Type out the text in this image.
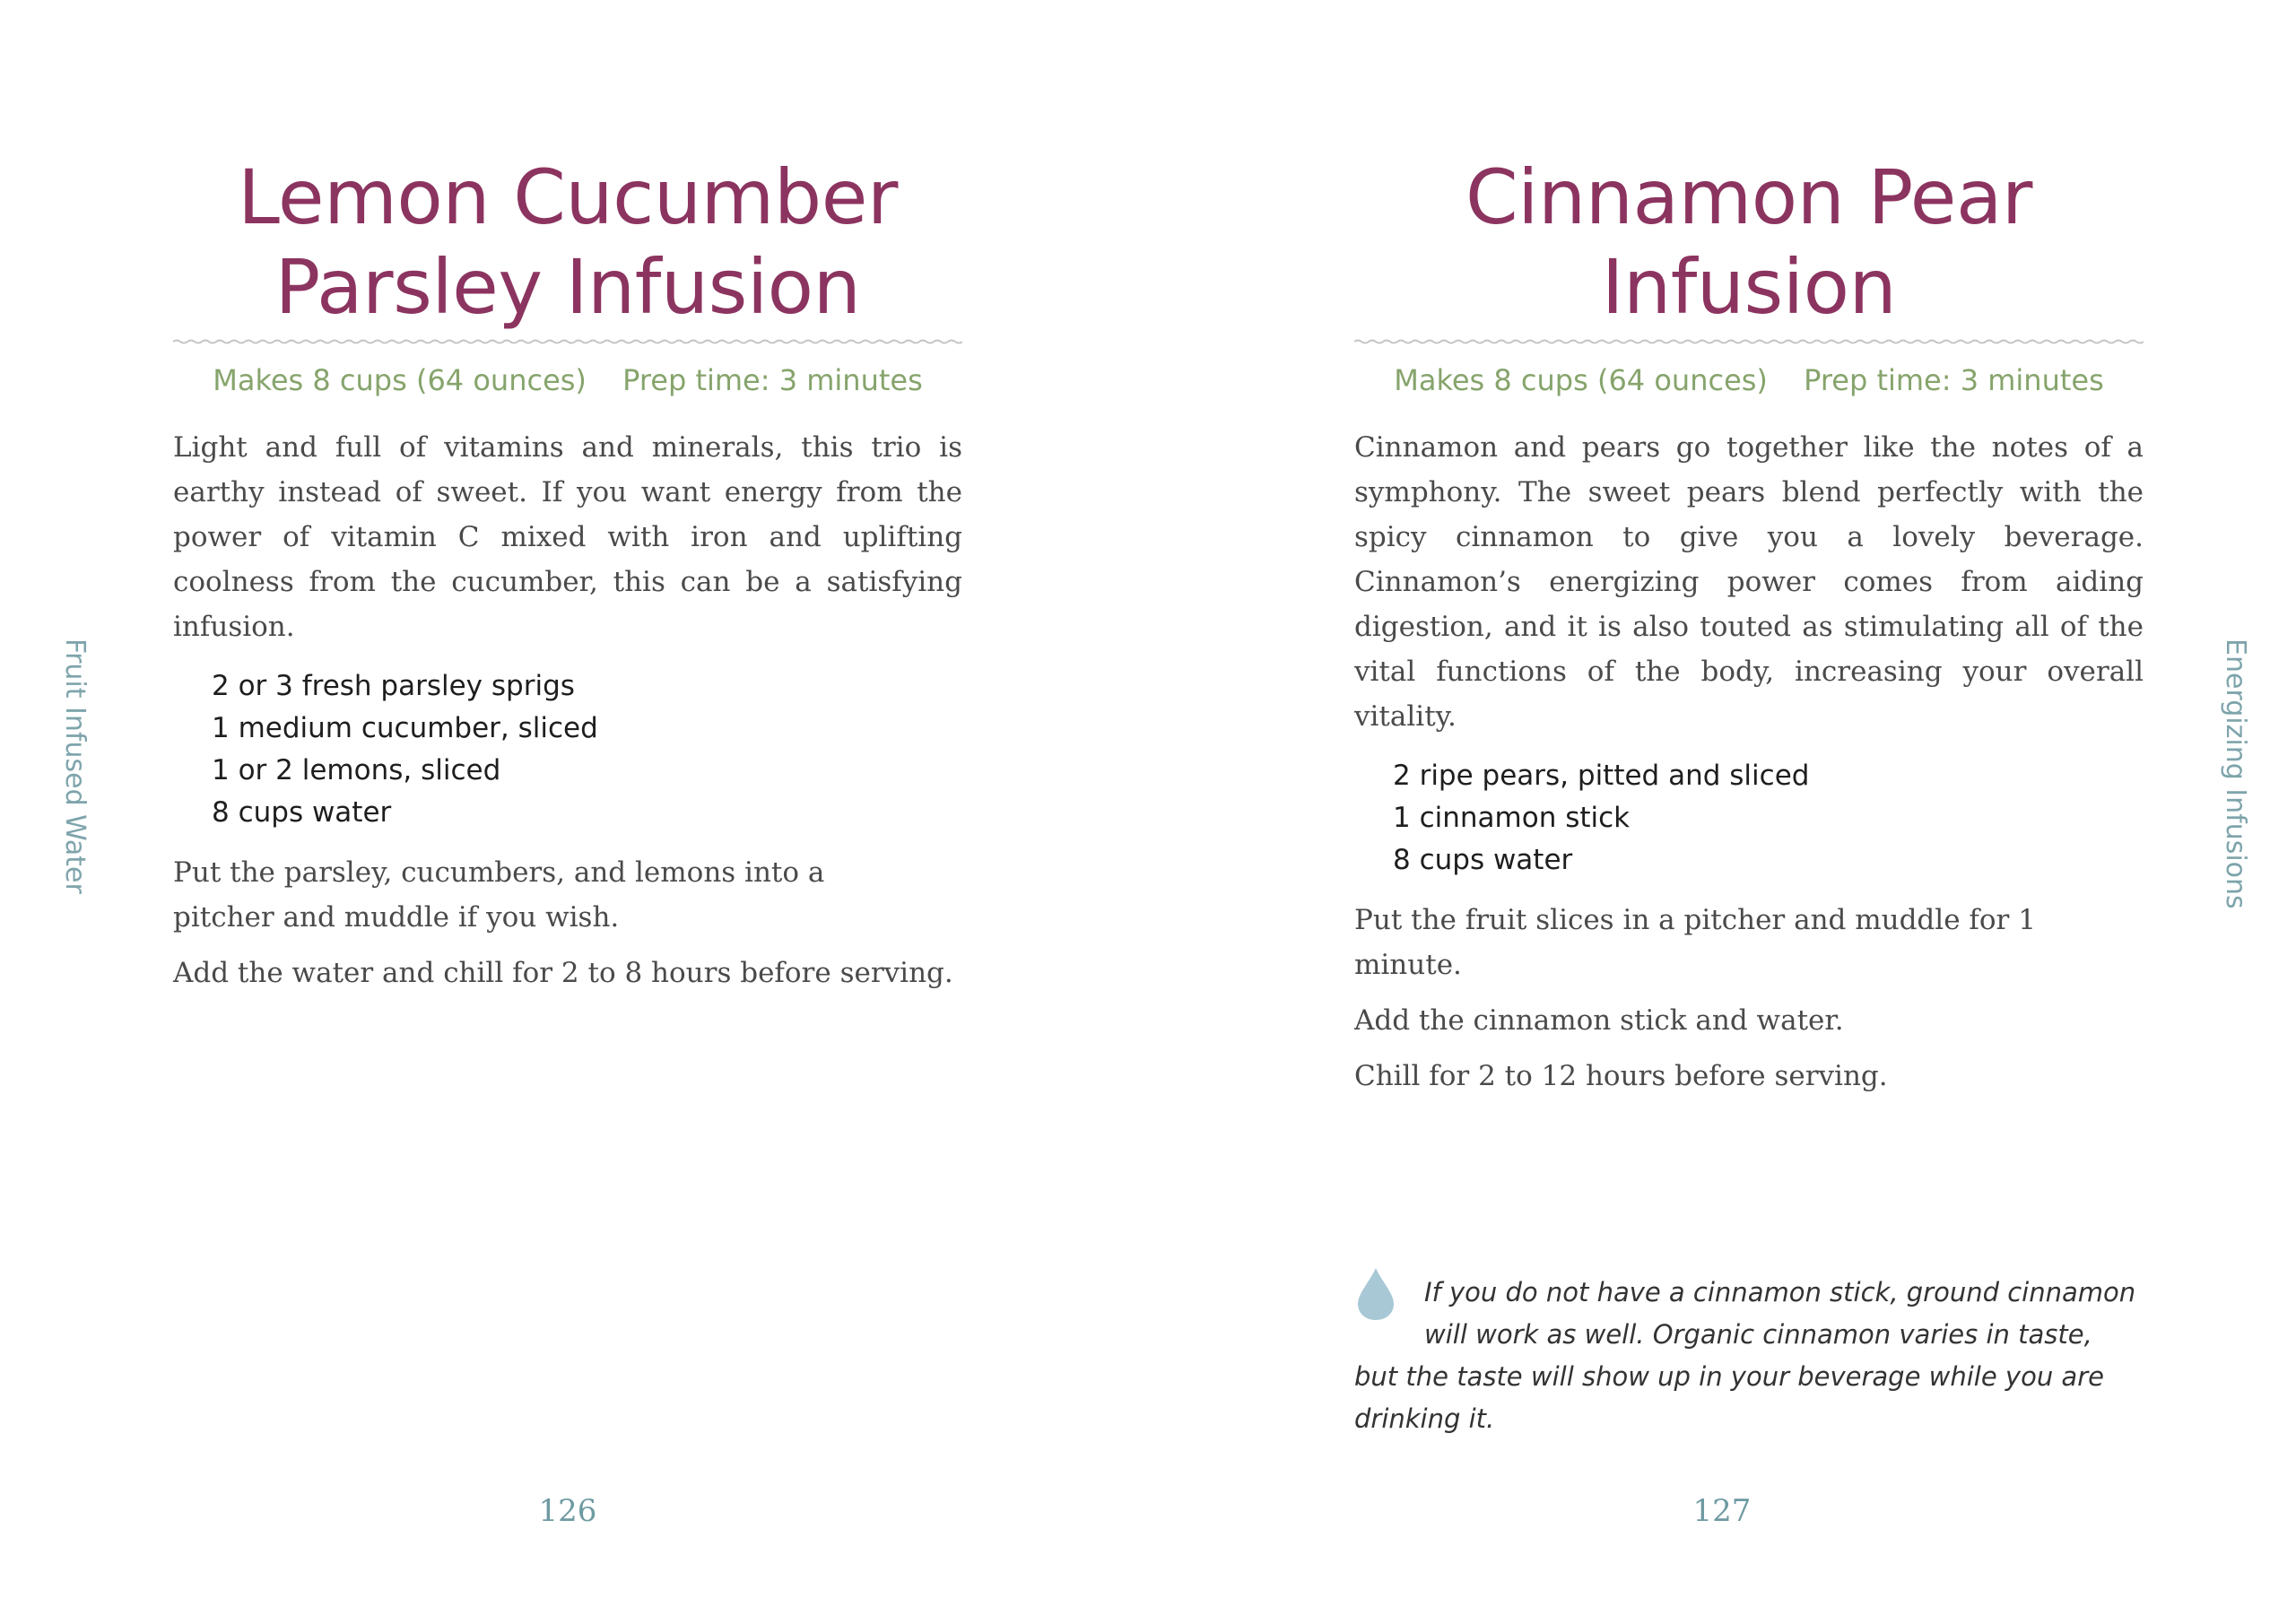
Fruit Infused Water
Lemon Cucumber
Parsley Infusion
Makes 8 cups (64 ounces) Prep time: 3 minutes

Light and full of vitamins and minerals, this trio is earthy instead of sweet. If you want energy from the power of vitamin C mixed with iron and uplifting coolness from the cucumber, this can be a satisfying infusion.

2 or 3 fresh parsley sprigs
1 medium cucumber, sliced
1 or 2 lemons, sliced
8 cups water

Put the parsley, cucumbers, and lemons into a pitcher and muddle if you wish.

Add the water and chill for 2 to 8 hours before serving.

126
Energizing Infusions
Cinnamon Pear
Infusion
Makes 8 cups (64 ounces) Prep time: 3 minutes

Cinnamon and pears go together like the notes of a symphony. The sweet pears blend perfectly with the spicy cinnamon to give you a lovely beverage. Cinnamon’s energizing power comes from aiding digestion, and it is also touted as stimulating all of the vital functions of the body, increasing your overall vitality.

2 ripe pears, pitted and sliced
1 cinnamon stick
8 cups water

Put the fruit slices in a pitcher and muddle for 1 minute.

Add the cinnamon stick and water.

Chill for 2 to 12 hours before serving.

If you do not have a cinnamon stick, ground cinnamon will work as well. Organic cinnamon varies in taste, but the taste will show up in your beverage while you are drinking it.
127
